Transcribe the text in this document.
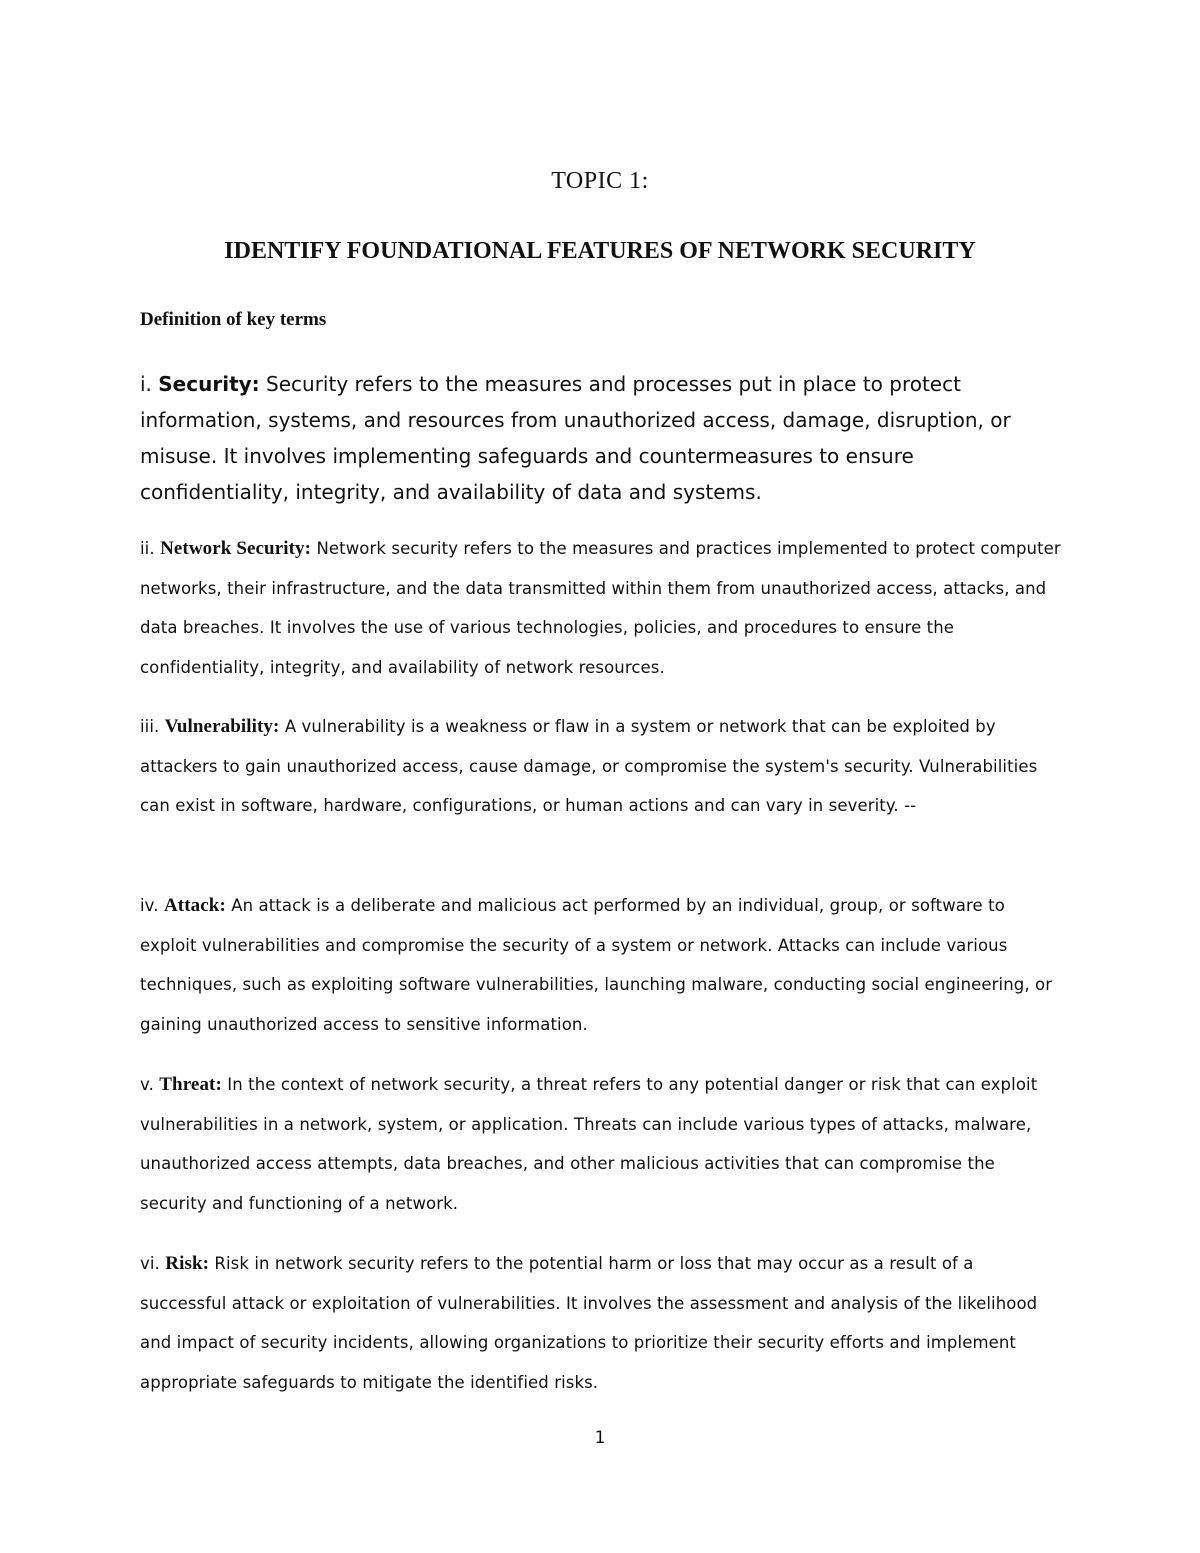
TOPIC 1:
IDENTIFY FOUNDATIONAL FEATURES OF NETWORK SECURITY
Definition of key terms

i. Security: Security refers to the measures and processes put in place to protect information, systems, and resources from unauthorized access, damage, disruption, or misuse. It involves implementing safeguards and countermeasures to ensure confidentiality, integrity, and availability of data and systems.

ii. Network Security: Network security refers to the measures and practices implemented to protect computer networks, their infrastructure, and the data transmitted within them from unauthorized access, attacks, and data breaches. It involves the use of various technologies, policies, and procedures to ensure the confidentiality, integrity, and availability of network resources.

iii. Vulnerability: A vulnerability is a weakness or flaw in a system or network that can be exploited by attackers to gain unauthorized access, cause damage, or compromise the system's security. Vulnerabilities can exist in software, hardware, configurations, or human actions and can vary in severity. --

iv. Attack: An attack is a deliberate and malicious act performed by an individual, group, or software to exploit vulnerabilities and compromise the security of a system or network. Attacks can include various techniques, such as exploiting software vulnerabilities, launching malware, conducting social engineering, or gaining unauthorized access to sensitive information.

v. Threat: In the context of network security, a threat refers to any potential danger or risk that can exploit vulnerabilities in a network, system, or application. Threats can include various types of attacks, malware, unauthorized access attempts, data breaches, and other malicious activities that can compromise the security and functioning of a network.

vi. Risk: Risk in network security refers to the potential harm or loss that may occur as a result of a successful attack or exploitation of vulnerabilities. It involves the assessment and analysis of the likelihood and impact of security incidents, allowing organizations to prioritize their security efforts and implement appropriate safeguards to mitigate the identified risks.

1
